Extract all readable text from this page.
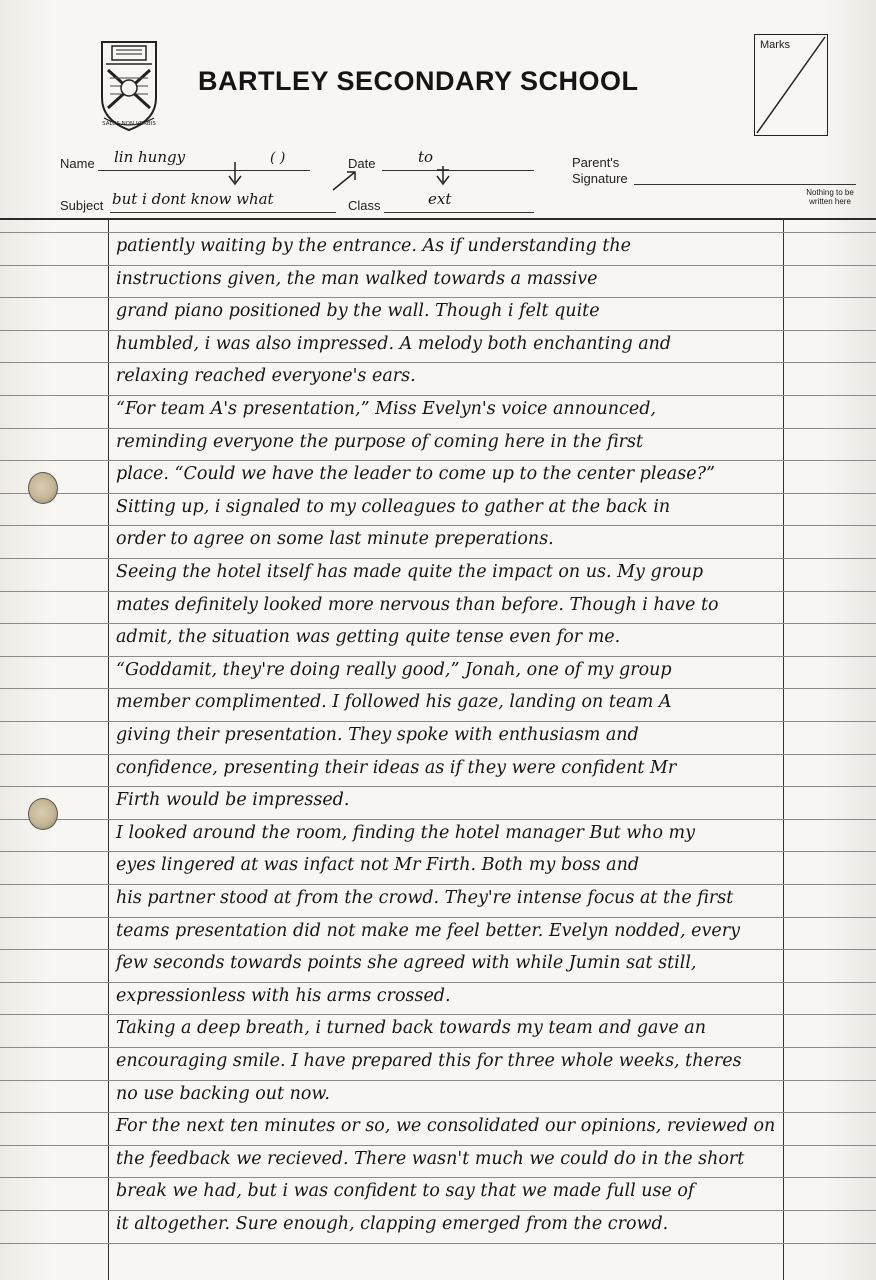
SALUS NON VERBIS
BARTLEY SECONDARY SCHOOL
Marks
Name lin hungy	( )	Date	to	Parent's
Signature
Subject but i dont know what	Class	ext	Nothing to be
written here
patiently waiting by the entrance. As if understanding the
instructions given, the man walked towards a massive
grand piano positioned by the wall. Though i felt quite
humbled, i was also impressed. A melody both enchanting and
relaxing reached everyone's ears.
“For team A's presentation,” Miss Evelyn's voice announced,
reminding everyone the purpose of coming here in the first
place. “Could we have the leader to come up to the center please?”
Sitting up, i signaled to my colleagues to gather at the back in
order to agree on some last minute preperations.
Seeing the hotel itself has made quite the impact on us. My group
mates definitely looked more nervous than before. Though i have to
admit, the situation was getting quite tense even for me.
“Goddamit, they're doing really good,” Jonah, one of my group
member complimented. I followed his gaze, landing on team A
giving their presentation. They spoke with enthusiasm and
confidence, presenting their ideas as if they were confident Mr
Firth would be impressed.
I looked around the room, finding the hotel manager But who my
eyes lingered at was infact not Mr Firth. Both my boss and
his partner stood at from the crowd. They're intense focus at the first
teams presentation did not make me feel better. Evelyn nodded, every
few seconds towards points she agreed with while Jumin sat still,
expressionless with his arms crossed.
Taking a deep breath, i turned back towards my team and gave an
encouraging smile. I have prepared this for three whole weeks, theres
no use backing out now.
For the next ten minutes or so, we consolidated our opinions, reviewed on
the feedback we recieved. There wasn't much we could do in the short
break we had, but i was confident to say that we made full use of
it altogether. Sure enough, clapping emerged from the crowd.
